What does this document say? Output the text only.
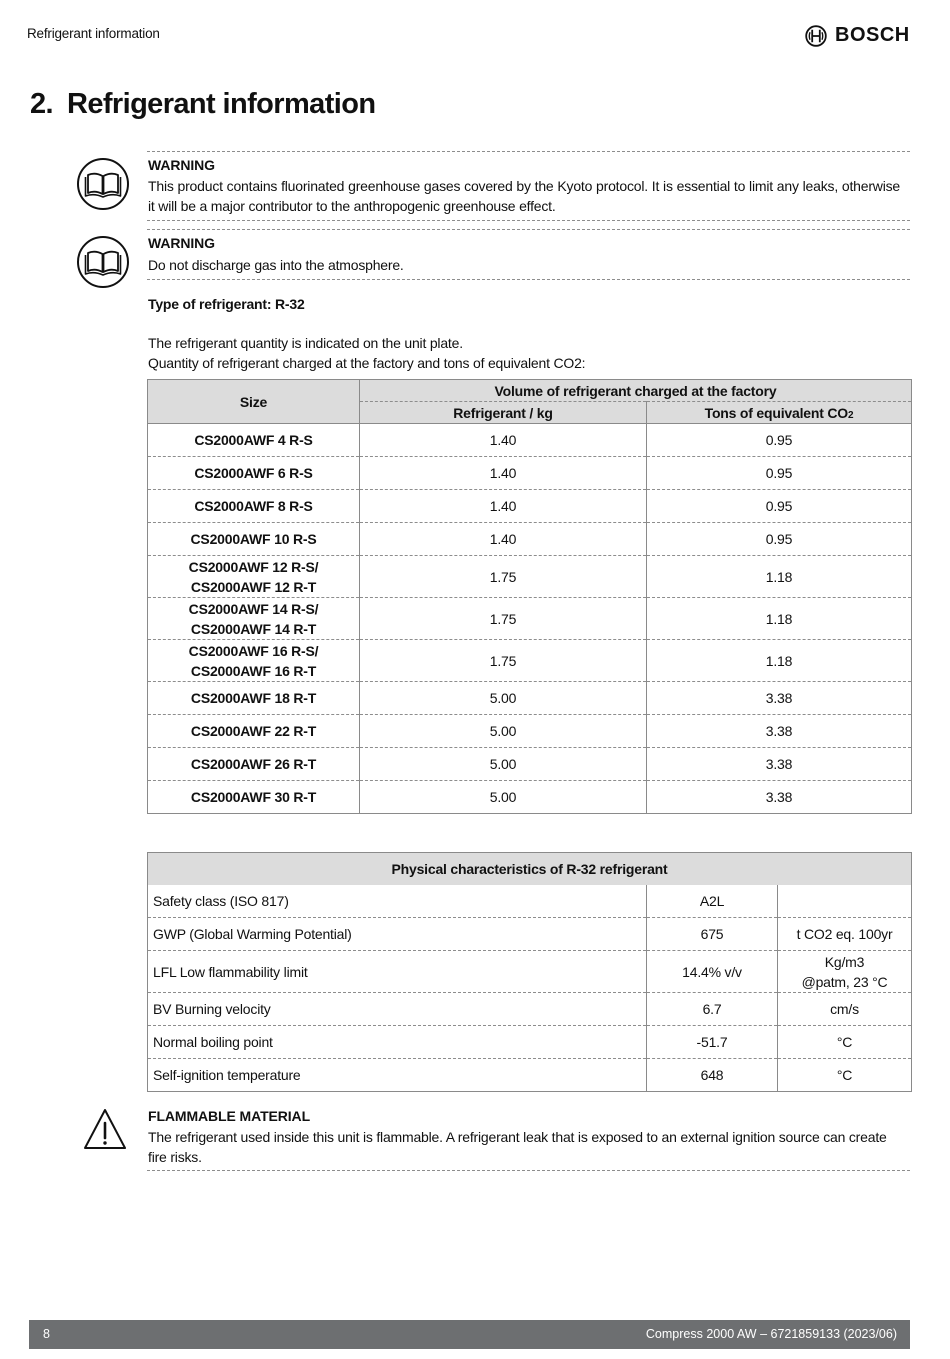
Refrigerant information	BOSCH
2. Refrigerant information
WARNING
This product contains fluorinated greenhouse gases covered by the Kyoto protocol. It is essential to limit any leaks, otherwise it will be a major contributor to the anthropogenic greenhouse effect.
WARNING
Do not discharge gas into the atmosphere.
Type of refrigerant: R-32
The refrigerant quantity is indicated on the unit plate.
Quantity of refrigerant charged at the factory and tons of equivalent CO2:
Size	Volume of refrigerant charged at the factory	
	Refrigerant / kg	Tons of equivalent CO2

CS2000AWF 4 R-S	1.40	0.95

CS2000AWF 6 R-S	1.40	0.95

CS2000AWF 8 R-S	1.40	0.95

CS2000AWF 10 R-S	1.40	0.95

CS2000AWF 12 R-S/
CS2000AWF 12 R-T	1.75	1.18

CS2000AWF 14 R-S/
CS2000AWF 14 R-T	1.75	1.18

CS2000AWF 16 R-S/
CS2000AWF 16 R-T	1.75	1.18

CS2000AWF 18 R-T	5.00	3.38

CS2000AWF 22 R-T	5.00	3.38

CS2000AWF 26 R-T	5.00	3.38

CS2000AWF 30 R-T	5.00	3.38
Physical characteristics of R-32 refrigerant		
Safety class (ISO 817)	A2L	

GWP (Global Warming Potential)	675	t CO2 eq. 100yr

LFL Low flammability limit	14.4% v/v	Kg/m3
@patm, 23 °C

BV Burning velocity	6.7	cm/s

Normal boiling point	-51.7	°C

Self-ignition temperature	648	°C
FLAMMABLE MATERIAL
The refrigerant used inside this unit is flammable. A refrigerant leak that is exposed to an external ignition source can create fire risks.
8	Compress 2000 AW – 6721859133 (2023/06)
